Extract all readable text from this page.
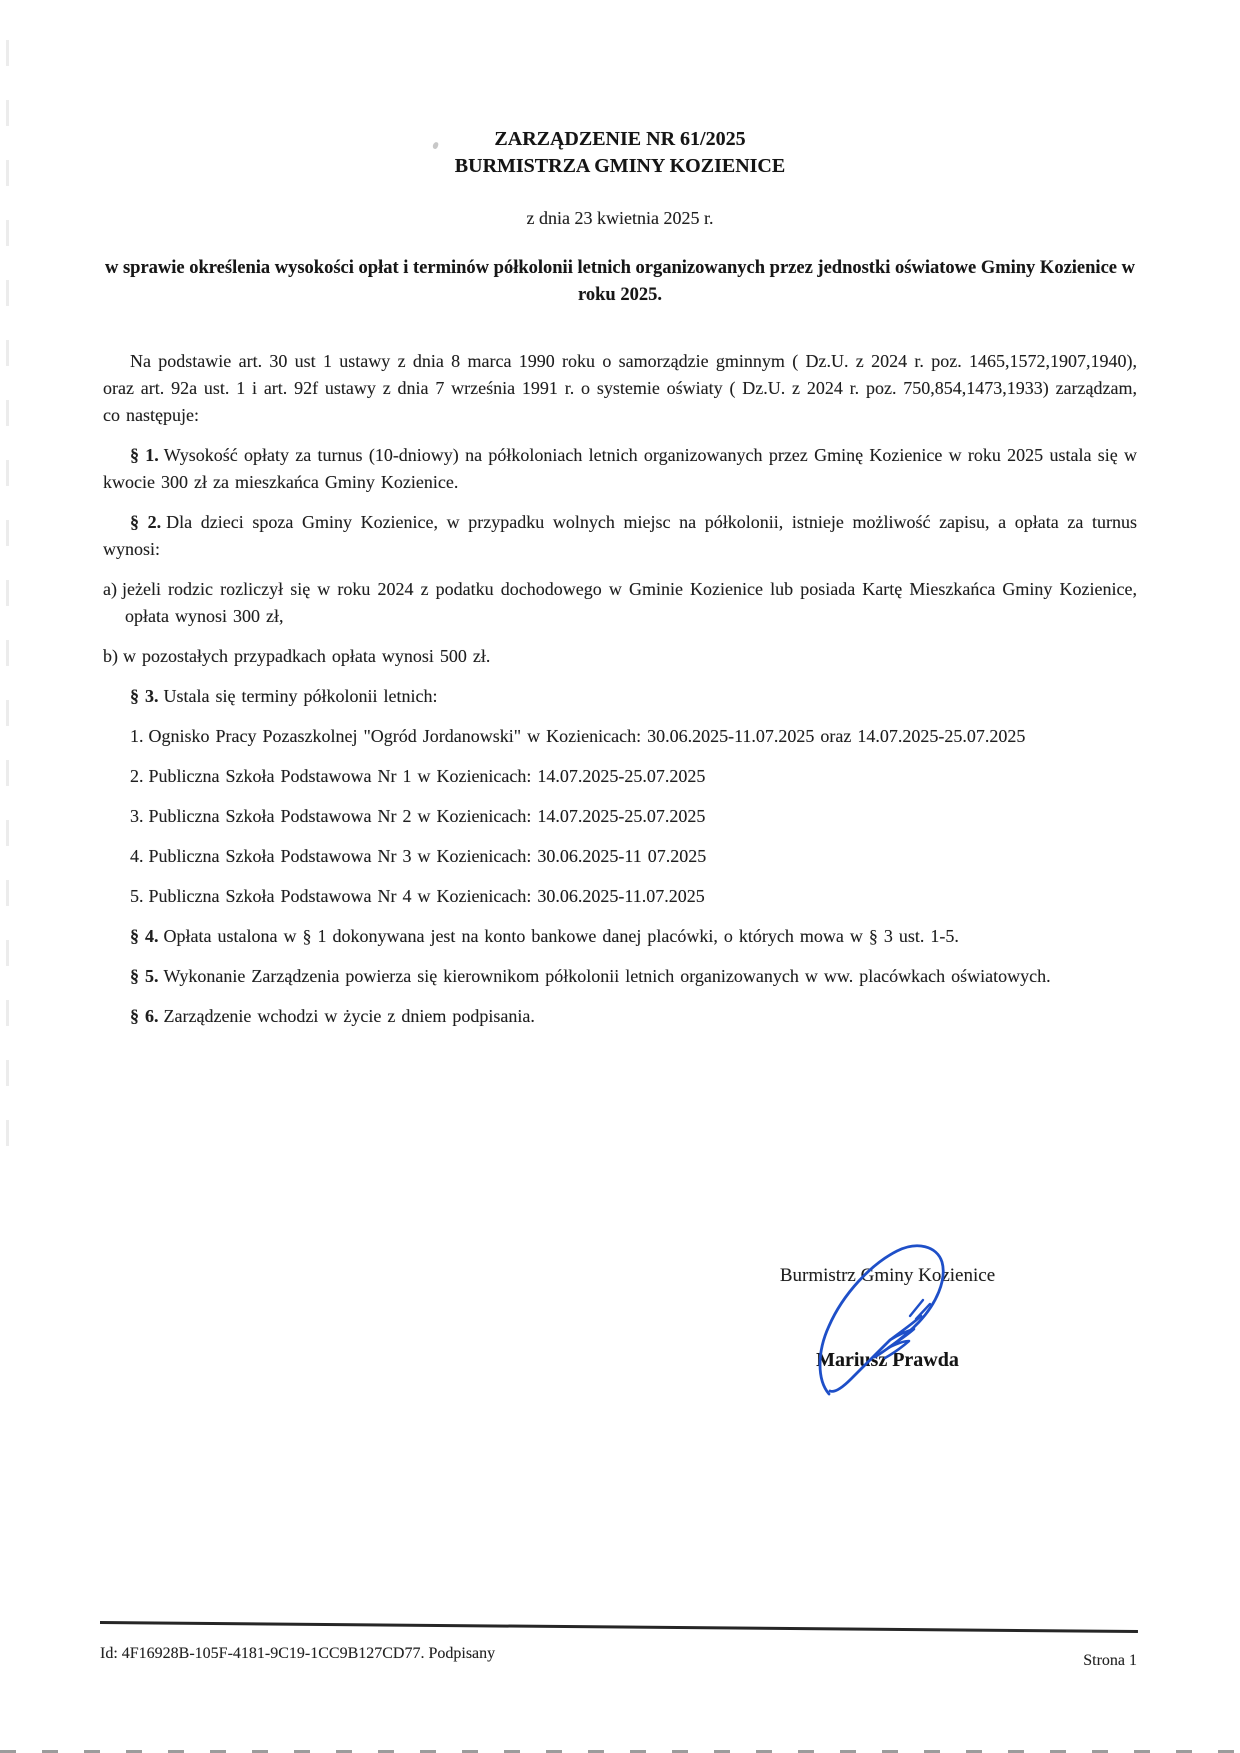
ZARZĄDZENIE NR 61/2025
BURMISTRZA GMINY KOZIENICE
z dnia 23 kwietnia 2025 r.
w sprawie określenia wysokości opłat i terminów półkolonii letnich organizowanych przez jednostki oświatowe Gminy Kozienice w roku 2025.

Na podstawie art. 30 ust 1 ustawy z dnia 8 marca 1990 roku o samorządzie gminnym ( Dz.U. z 2024 r. poz. 1465,1572,1907,1940), oraz art. 92a ust. 1 i art. 92f ustawy z dnia 7 września 1991 r. o systemie oświaty ( Dz.U. z 2024 r. poz. 750,854,1473,1933) zarządzam, co następuje:

§ 1. Wysokość opłaty za turnus (10-dniowy) na półkoloniach letnich organizowanych przez Gminę Kozienice w roku 2025 ustala się w kwocie 300 zł za mieszkańca Gminy Kozienice.

§ 2. Dla dzieci spoza Gminy Kozienice, w przypadku wolnych miejsc na półkolonii, istnieje możliwość zapisu, a opłata za turnus wynosi:

a) jeżeli rodzic rozliczył się w roku 2024 z podatku dochodowego w Gminie Kozienice lub posiada Kartę Mieszkańca Gminy Kozienice, opłata wynosi 300 zł,

b) w pozostałych przypadkach opłata wynosi 500 zł.

§ 3. Ustala się terminy półkolonii letnich:

1. Ognisko Pracy Pozaszkolnej "Ogród Jordanowski" w Kozienicach: 30.06.2025-11.07.2025 oraz 14.07.2025-25.07.2025

2. Publiczna Szkoła Podstawowa Nr 1 w Kozienicach: 14.07.2025-25.07.2025

3. Publiczna Szkoła Podstawowa Nr 2 w Kozienicach: 14.07.2025-25.07.2025

4. Publiczna Szkoła Podstawowa Nr 3 w Kozienicach: 30.06.2025-11 07.2025

5. Publiczna Szkoła Podstawowa Nr 4 w Kozienicach: 30.06.2025-11.07.2025

§ 4. Opłata ustalona w § 1 dokonywana jest na konto bankowe danej placówki, o których mowa w § 3 ust. 1-5.

§ 5. Wykonanie Zarządzenia powierza się kierownikom półkolonii letnich organizowanych w ww. placówkach oświatowych.

§ 6. Zarządzenie wchodzi w życie z dniem podpisania.

Burmistrz Gminy Kozienice
Mariusz Prawda
Id: 4F16928B-105F-4181-9C19-1CC9B127CD77. Podpisany	Strona 1
